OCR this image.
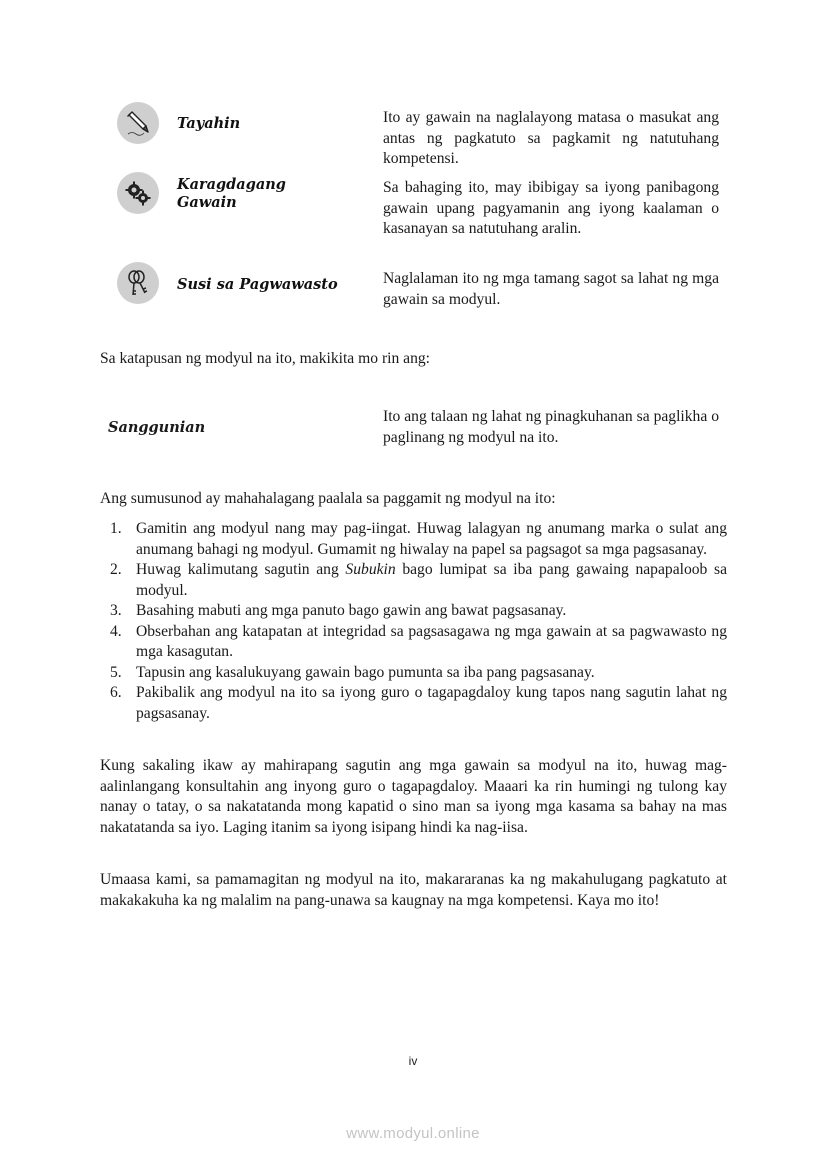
Tayahin	Ito ay gawain na naglalayong matasa o masukat ang antas ng pagkatuto sa pagkamit ng natutuhang kompetensi.
Karagdagang
Gawain
Sa bahaging ito, may ibibigay sa iyong panibagong gawain upang pagyamanin ang iyong kaalaman o kasanayan sa natutuhang aralin.
Susi sa Pagwawasto	Naglalaman ito ng mga tamang sagot sa lahat ng mga gawain sa modyul.
Sa katapusan ng modyul na ito, makikita mo rin ang:
Sanggunian
Ito ang talaan ng lahat ng pinagkuhanan sa paglikha o paglinang ng modyul na ito.
Ang sumusunod ay mahahalagang paalala sa paggamit ng modyul na ito:
1. Gamitin ang modyul nang may pag-iingat. Huwag lalagyan ng anumang marka o sulat ang anumang bahagi ng modyul. Gumamit ng hiwalay na papel sa pagsagot sa mga pagsasanay.
2. Huwag kalimutang sagutin ang Subukin bago lumipat sa iba pang gawaing napapaloob sa modyul.
3. Basahing mabuti ang mga panuto bago gawin ang bawat pagsasanay.
4. Obserbahan ang katapatan at integridad sa pagsasagawa ng mga gawain at sa pagwawasto ng mga kasagutan.
5. Tapusin ang kasalukuyang gawain bago pumunta sa iba pang pagsasanay.
6. Pakibalik ang modyul na ito sa iyong guro o tagapagdaloy kung tapos nang sagutin lahat ng pagsasanay.
Kung sakaling ikaw ay mahirapang sagutin ang mga gawain sa modyul na ito, huwag mag-aalinlangang konsultahin ang inyong guro o tagapagdaloy. Maaari ka rin humingi ng tulong kay nanay o tatay, o sa nakatatanda mong kapatid o sino man sa iyong mga kasama sa bahay na mas nakatatanda sa iyo. Laging itanim sa iyong isipang hindi ka nag-iisa.
Umaasa kami, sa pamamagitan ng modyul na ito, makararanas ka ng makahulugang pagkatuto at makakakuha ka ng malalim na pang-unawa sa kaugnay na mga kompetensi. Kaya mo ito!
iv
www.modyul.online
